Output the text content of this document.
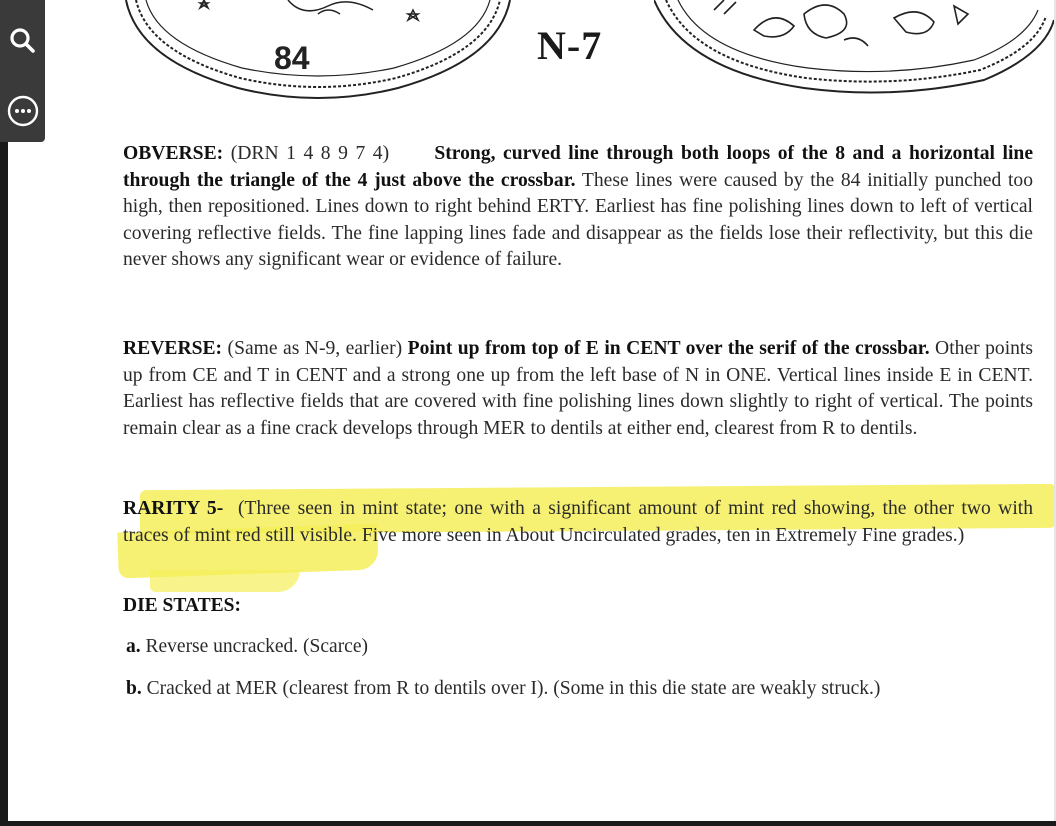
84	N-7
OBVERSE: (DRN 1 4 8 9 7 4) Strong, curved line through both loops of the 8 and a horizontal line through the triangle of the 4 just above the crossbar. These lines were caused by the 84 initially punched too high, then repositioned. Lines down to right behind ERTY. Earliest has fine polishing lines down to left of vertical covering reflective fields. The fine lapping lines fade and disappear as the fields lose their reflectivity, but this die never shows any significant wear or evidence of failure.
REVERSE: (Same as N-9, earlier) Point up from top of E in CENT over the serif of the crossbar. Other points up from CE and T in CENT and a strong one up from the left base of N in ONE. Vertical lines inside E in CENT. Earliest has reflective fields that are covered with fine polishing lines down slightly to right of vertical. The points remain clear as a fine crack develops through MER to dentils at either end, clearest from R to dentils.
RARITY 5- (Three seen in mint state; one with a significant amount of mint red showing, the other two with traces of mint red still visible. Five more seen in About Uncirculated grades, ten in Extremely Fine grades.)
DIE STATES:
a. Reverse uncracked. (Scarce)
b. Cracked at MER (clearest from R to dentils over I). (Some in this die state are weakly struck.)
